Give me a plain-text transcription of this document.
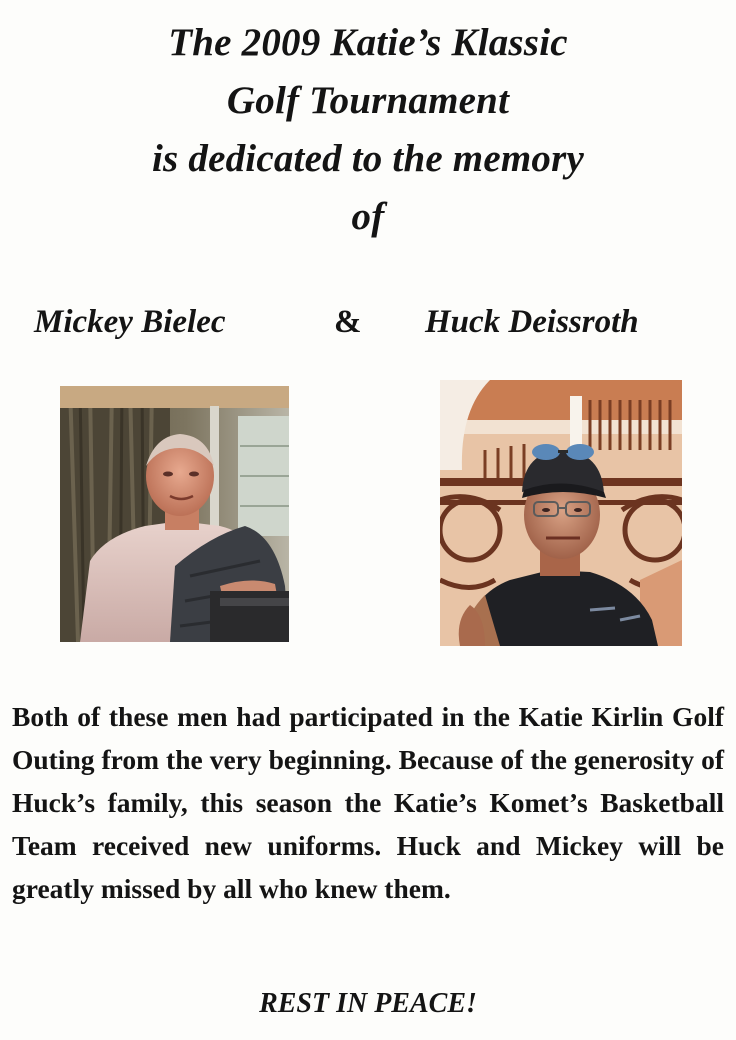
The 2009 Katie’s Klassic
Golf Tournament
is dedicated to the memory
of
Mickey Bielec	& Huck Deissroth

Both of these men had participated in the Katie Kirlin Golf Outing from the very beginning. Because of the generosity of Huck’s family, this season the Katie’s Komet’s Basketball Team received new uniforms. Huck and Mickey will be greatly missed by all who knew them.

REST IN PEACE!
